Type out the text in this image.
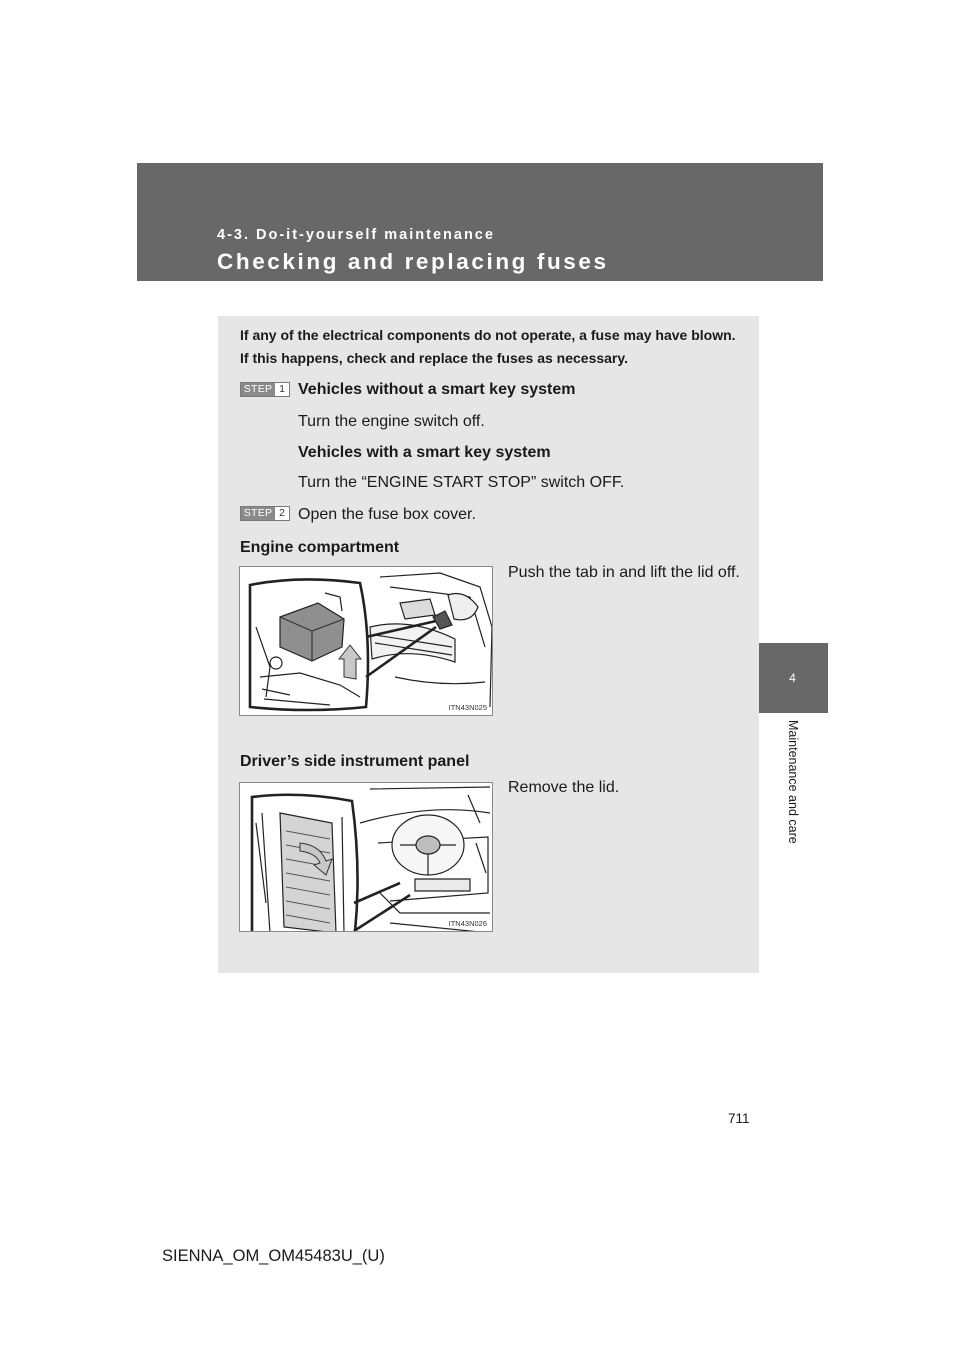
4-3. Do-it-yourself maintenance
Checking and replacing fuses
4
Maintenance and care
If any of the electrical components do not operate, a fuse may have blown. If this happens, check and replace the fuses as necessary.
STEP 1 Vehicles without a smart key system
Turn the engine switch off.
Vehicles with a smart key system
Turn the “ENGINE START STOP” switch OFF.
STEP 2 Open the fuse box cover.
Engine compartment
ITN43N025
Push the tab in and lift the lid off.
Driver’s side instrument panel
ITN43N026
Remove the lid.
711
SIENNA_OM_OM45483U_(U)
